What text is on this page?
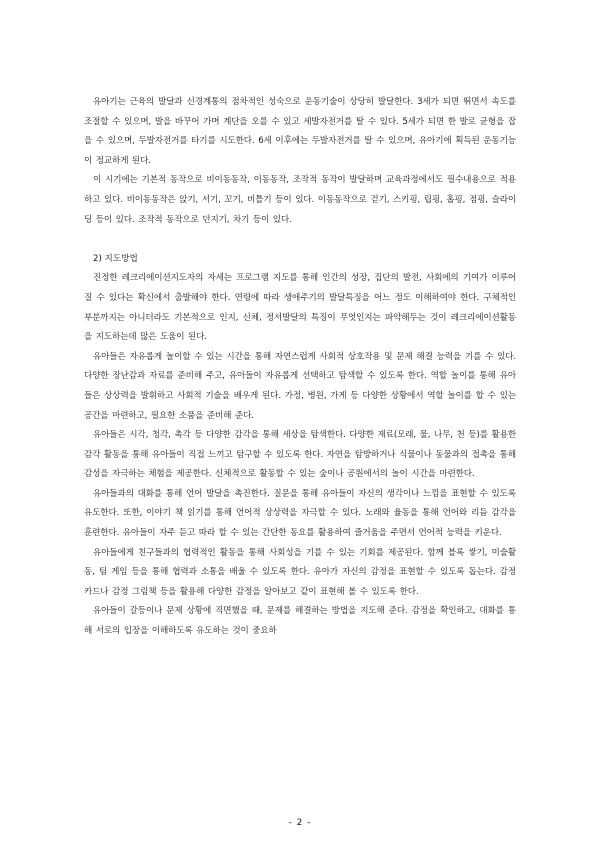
유아기는 근육의 발달과 신경계통의 점차적인 성숙으로 운동기술이 상당히 발달한다. 3세가 되면 뛰면서 속도를 조절할 수 있으며, 발을 바꾸어 가며 계단을 오를 수 있고 세발자전거를 탈 수 있다. 5세가 되면 한 발로 균형을 잡을 수 있으며, 두발자전거를 타기를 시도한다. 6세 이후에는 두발자전거를 탈 수 있으며, 유아기에 획득된 운동기능이 정교하게 된다.

이 시기에는 기본적 동작으로 비이동동작, 이동동작, 조작적 동작이 발달하며 교육과정에서도 필수내용으로 적용하고 있다. 비이동동작은 앉기, 서기, 꼬기, 비틀기 등이 있다. 이동동작으로 걷기, 스키핑, 립핑, 홉핑, 점핑, 슬라이딩 등이 있다. 조작적 동작으로 던지기, 차기 등이 있다.

2) 지도방법

진정한 레크리에이션지도자의 자세는 프로그램 지도를 통해 인간의 성장, 집단의 발전, 사회에의 기여가 이루어질 수 있다는 확신에서 출발해야 한다. 연령에 따라 생애주기의 발달특징을 어느 정도 이해하여야 한다. 구체적인 부분까지는 아니더라도 기본적으로 인지, 신체, 정서발달의 특징이 무엇인지는 파악해두는 것이 레크리에이션활동을 지도하는데 많은 도움이 된다.

유아들은 자유롭게 놀이할 수 있는 시간을 통해 자연스럽게 사회적 상호작용 및 문제 해결 능력을 기를 수 있다. 다양한 장난감과 자료를 준비해 주고, 유아들이 자유롭게 선택하고 탐색할 수 있도록 한다. 역할 놀이를 통해 유아들은 상상력을 발휘하고 사회적 기술을 배우게 된다. 가정, 병원, 가게 등 다양한 상황에서 역할 놀이를 할 수 있는 공간을 마련하고, 필요한 소품을 준비해 준다.

유아들은 시각, 청각, 촉각 등 다양한 감각을 통해 세상을 탐색한다. 다양한 재료(모래, 물, 나무, 천 등)를 활용한 감각 활동을 통해 유아들이 직접 느끼고 탐구할 수 있도록 한다. 자연을 탐방하거나 식물이나 동물과의 접촉을 통해 감성을 자극하는 체험을 제공한다. 신체적으로 활동할 수 있는 숲이나 공원에서의 놀이 시간을 마련한다.

유아들과의 대화를 통해 언어 발달을 촉진한다. 질문을 통해 유아들이 자신의 생각이나 느낌을 표현할 수 있도록 유도한다. 또한, 이야기 책 읽기를 통해 언어적 상상력을 자극할 수 있다. 노래와 율동을 통해 언어와 리듬 감각을 훈련한다. 유아들이 자주 듣고 따라 할 수 있는 간단한 동요를 활용하여 즐거움을 주면서 언어적 능력을 키운다.

유아들에게 친구들과의 협력적인 활동을 통해 사회성을 기를 수 있는 기회를 제공된다. 함께 블록 쌓기, 미술활동, 팀 게임 등을 통해 협력과 소통을 배울 수 있도록 한다. 유아가 자신의 감정을 표현할 수 있도록 돕는다. 감정 카드나 감정 그림책 등을 활용해 다양한 감정을 알아보고 같이 표현해 볼 수 있도록 한다.

유아들이 갈등이나 문제 상황에 직면했을 때, 문제를 해결하는 방법을 지도해 준다. 감정을 확인하고, 대화를 통해 서로의 입장을 이해하도록 유도하는 것이 중요하

- 2 -
